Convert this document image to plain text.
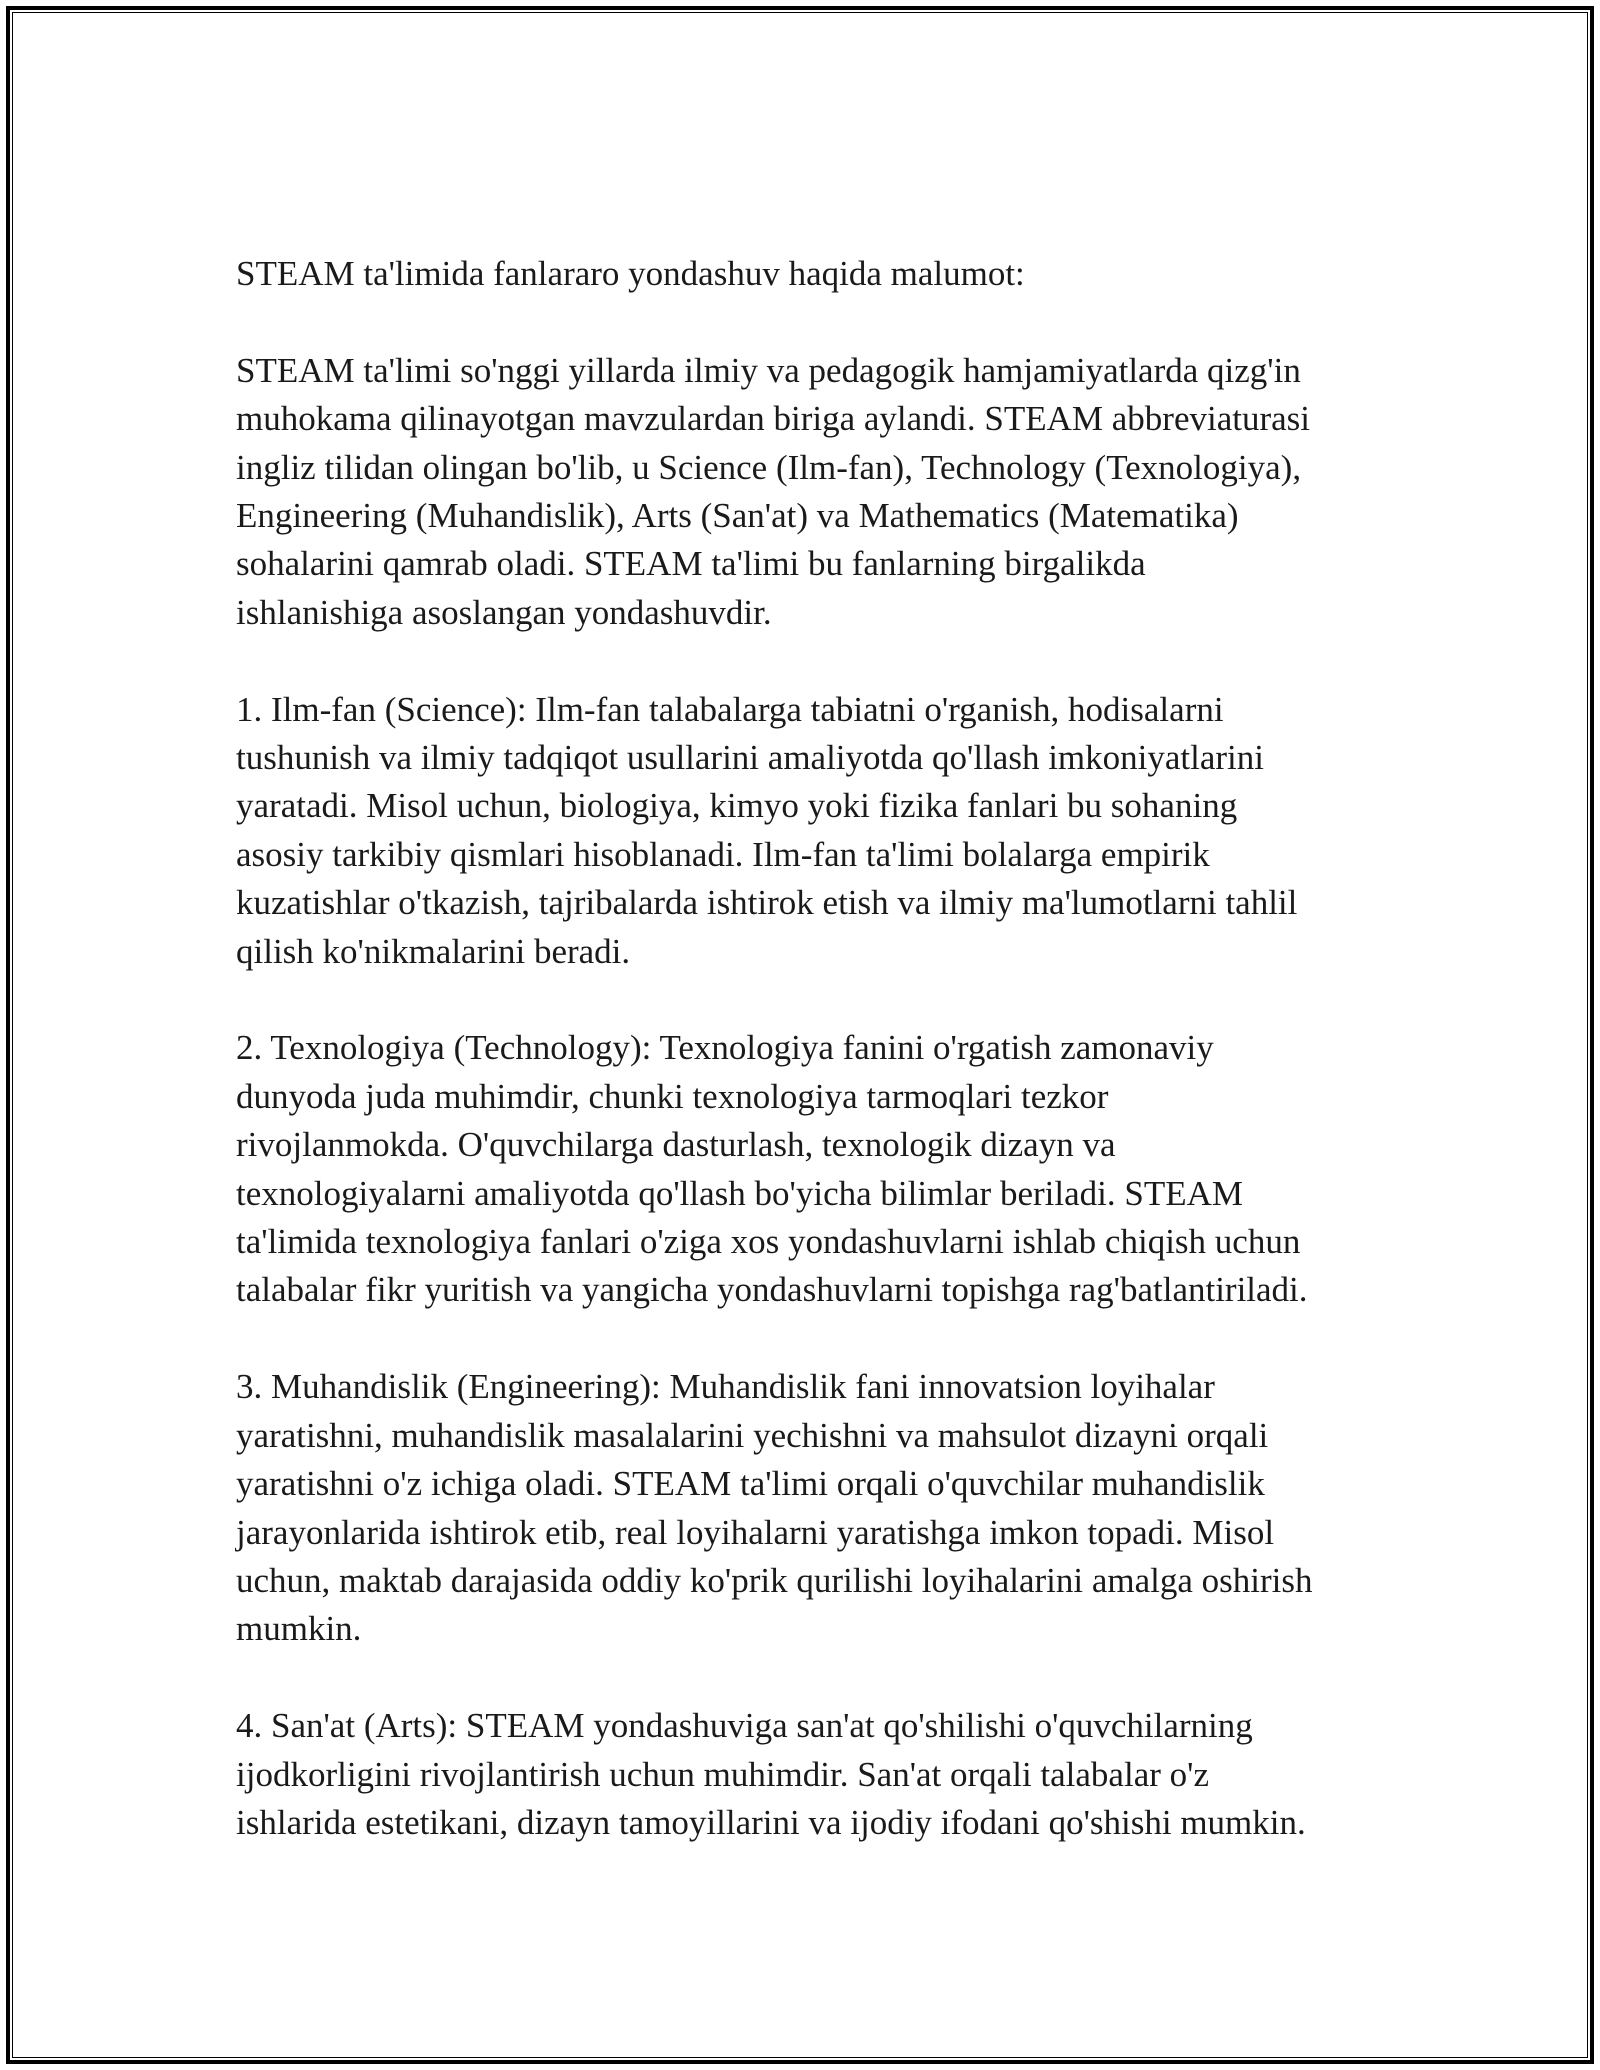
STEAM ta'limida fanlararo yondashuv haqida malumot:

STEAM ta'limi so'nggi yillarda ilmiy va pedagogik hamjamiyatlarda qizg'in
muhokama qilinayotgan mavzulardan biriga aylandi. STEAM abbreviaturasi
ingliz tilidan olingan bo'lib, u Science (Ilm-fan), Technology (Texnologiya),
Engineering (Muhandislik), Arts (San'at) va Mathematics (Matematika)
sohalarini qamrab oladi. STEAM ta'limi bu fanlarning birgalikda
ishlanishiga asoslangan yondashuvdir.

1. Ilm-fan (Science): Ilm-fan talabalarga tabiatni o'rganish, hodisalarni
tushunish va ilmiy tadqiqot usullarini amaliyotda qo'llash imkoniyatlarini
yaratadi. Misol uchun, biologiya, kimyo yoki fizika fanlari bu sohaning
asosiy tarkibiy qismlari hisoblanadi. Ilm-fan ta'limi bolalarga empirik
kuzatishlar o'tkazish, tajribalarda ishtirok etish va ilmiy ma'lumotlarni tahlil
qilish ko'nikmalarini beradi.

2. Texnologiya (Technology): Texnologiya fanini o'rgatish zamonaviy
dunyoda juda muhimdir, chunki texnologiya tarmoqlari tezkor
rivojlanmokda. O'quvchilarga dasturlash, texnologik dizayn va
texnologiyalarni amaliyotda qo'llash bo'yicha bilimlar beriladi. STEAM
ta'limida texnologiya fanlari o'ziga xos yondashuvlarni ishlab chiqish uchun
talabalar fikr yuritish va yangicha yondashuvlarni topishga rag'batlantiriladi.

3. Muhandislik (Engineering): Muhandislik fani innovatsion loyihalar
yaratishni, muhandislik masalalarini yechishni va mahsulot dizayni orqali
yaratishni o'z ichiga oladi. STEAM ta'limi orqali o'quvchilar muhandislik
jarayonlarida ishtirok etib, real loyihalarni yaratishga imkon topadi. Misol
uchun, maktab darajasida oddiy ko'prik qurilishi loyihalarini amalga oshirish
mumkin.

4. San'at (Arts): STEAM yondashuviga san'at qo'shilishi o'quvchilarning
ijodkorligini rivojlantirish uchun muhimdir. San'at orqali talabalar o'z
ishlarida estetikani, dizayn tamoyillarini va ijodiy ifodani qo'shishi mumkin.
